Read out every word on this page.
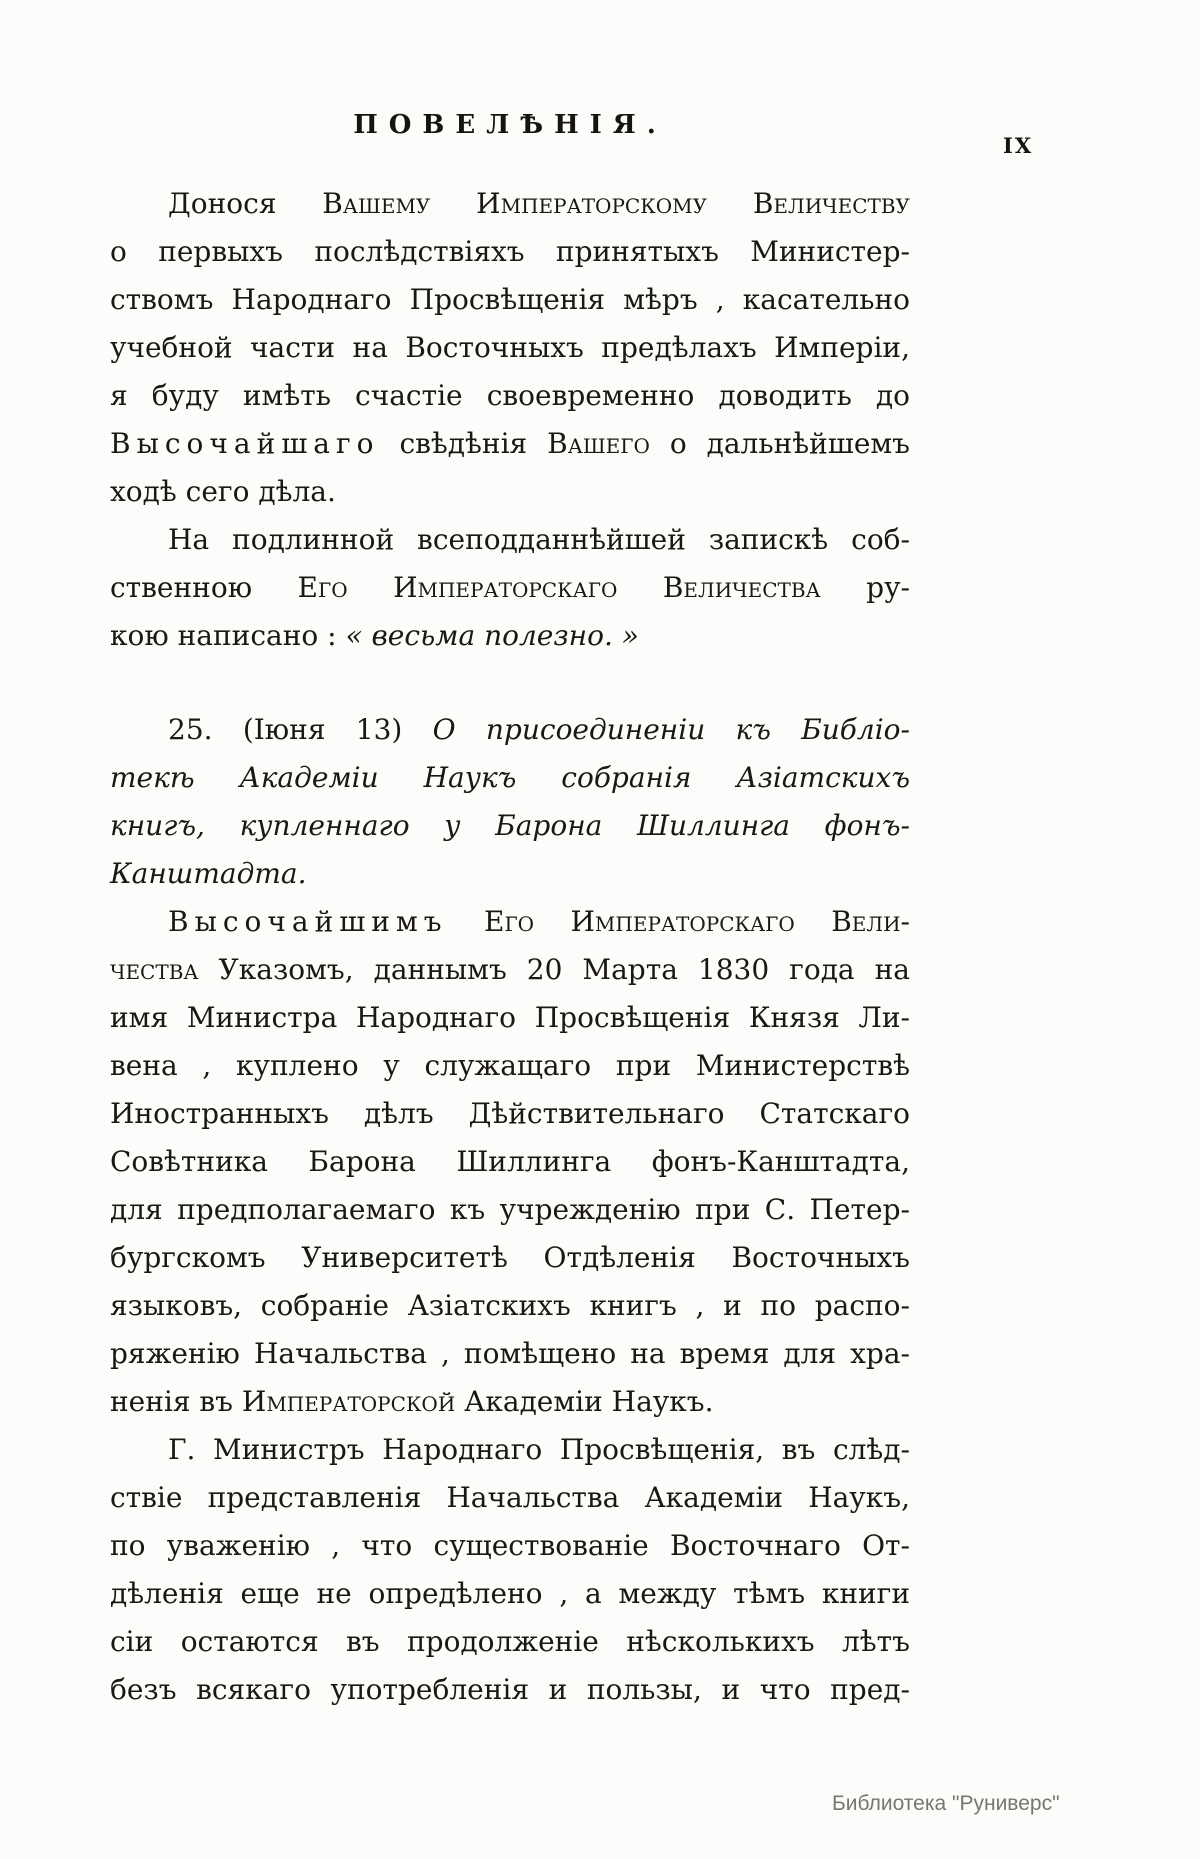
ПОВЕЛѢНІЯ.
IX
Донося Вашему Императорскому Величеству
о первыхъ послѣдствіяхъ принятыхъ Министер-
ствомъ Народнаго Просвѣщенія мѣръ , касательно
учебной части на Восточныхъ предѣлахъ Имперіи,
я буду имѣть счастіе своевременно доводить до
Высочайшаго свѣдѣнія Вашего о дальнѣйшемъ
ходѣ сего дѣла.
На подлинной всеподданнѣйшей запискѣ соб-
ственною Его Императорскаго Величества ру-
кою написано : « весьма полезно. »
25. (Іюня 13) О присоединеніи къ Библіо-
текѣ Академіи Наукъ собранія Азіатскихъ
книгъ, купленнаго у Барона Шиллинга фонъ-
Канштадта.
Высочайшимъ Его Императорскаго Вели-
чества Указомъ, даннымъ 20 Марта 1830 года на
имя Министра Народнаго Просвѣщенія Князя Ли-
вена , куплено у служащаго при Министерствѣ
Иностранныхъ дѣлъ Дѣйствительнаго Статскаго
Совѣтника Барона Шиллинга фонъ-Канштадта,
для предполагаемаго къ учрежденію при С. Петер-
бургскомъ Университетѣ Отдѣленія Восточныхъ
языковъ, собраніе Азіатскихъ книгъ , и по распо-
ряженію Начальства , помѣщено на время для хра-
ненія въ Императорской Академіи Наукъ.
Г. Министръ Народнаго Просвѣщенія, въ слѣд-
ствіе представленія Начальства Академіи Наукъ,
по уваженію , что существованіе Восточнаго От-
дѣленія еще не опредѣлено , а между тѣмъ книги
сіи остаются въ продолженіе нѣсколькихъ лѣтъ
безъ всякаго употребленія и пользы, и что пред-
Библиотека "Руниверс"
